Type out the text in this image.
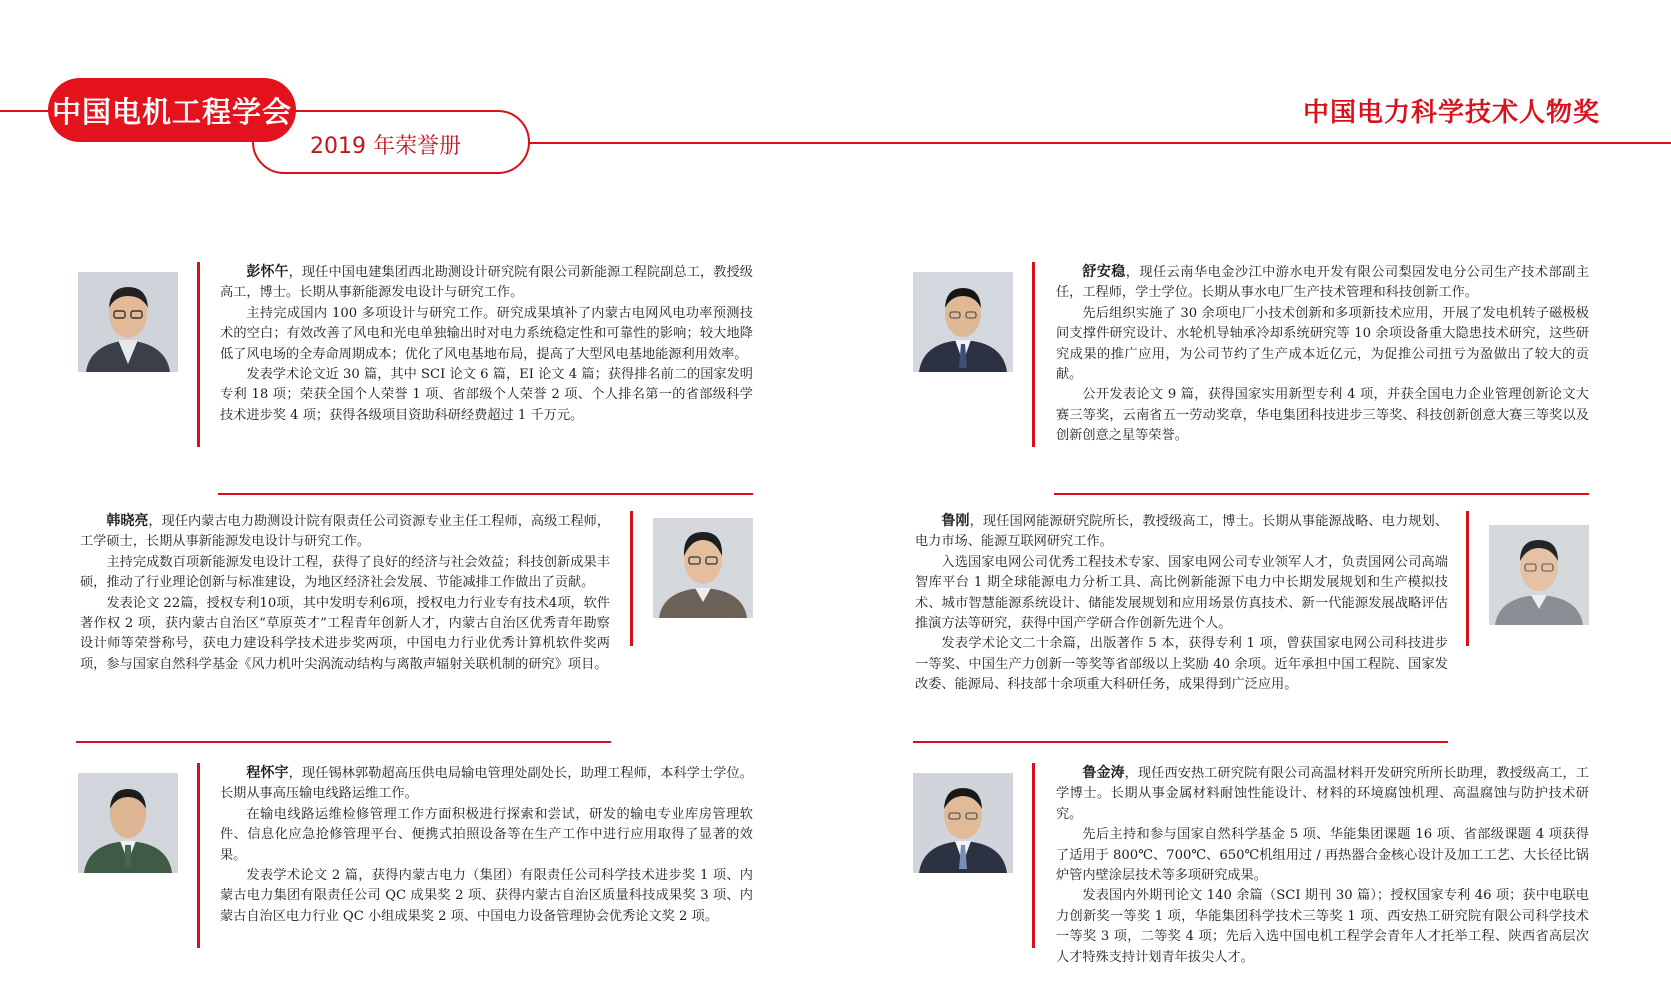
中国电机工程学会
2019 年荣誉册
中国电力科学技术人物奖

彭怀午，现任中国电建集团西北勘测设计研究院有限公司新能源工程院副总工，教授级高工，博士。长期从事新能源发电设计与研究工作。

主持完成国内 100 多项设计与研究工作。研究成果填补了内蒙古电网风电功率预测技术的空白；有效改善了风电和光电单独输出时对电力系统稳定性和可靠性的影响；较大地降低了风电场的全寿命周期成本；优化了风电基地布局，提高了大型风电基地能源利用效率。

发表学术论文近 30 篇，其中 SCI 论文 6 篇，EI 论文 4 篇；获得排名前二的国家发明专利 18 项；荣获全国个人荣誉 1 项、省部级个人荣誉 2 项、个人排名第一的省部级科学技术进步奖 4 项；获得各级项目资助科研经费超过 1 千万元。

韩晓亮，现任内蒙古电力勘测设计院有限责任公司资源专业主任工程师，高级工程师，工学硕士，长期从事新能源发电设计与研究工作。

主持完成数百项新能源发电设计工程，获得了良好的经济与社会效益；科技创新成果丰硕，推动了行业理论创新与标准建设，为地区经济社会发展、节能减排工作做出了贡献。

发表论文 22篇，授权专利10项，其中发明专利6项，授权电力行业专有技术4项，软件著作权 2 项，获内蒙古自治区“草原英才”工程青年创新人才，内蒙古自治区优秀青年勘察设计师等荣誉称号，获电力建设科学技术进步奖两项，中国电力行业优秀计算机软件奖两项，参与国家自然科学基金《风力机叶尖涡流动结构与离散声辐射关联机制的研究》项目。

程怀宇，现任锡林郭勒超高压供电局输电管理处副处长，助理工程师，本科学士学位。长期从事高压输电线路运维工作。

在输电线路运维检修管理工作方面积极进行探索和尝试，研发的输电专业库房管理软件、信息化应急抢修管理平台、便携式拍照设备等在生产工作中进行应用取得了显著的效果。

发表学术论文 2 篇，获得内蒙古电力（集团）有限责任公司科学技术进步奖 1 项、内蒙古电力集团有限责任公司 QC 成果奖 2 项、获得内蒙古自治区质量科技成果奖 3 项、内蒙古自治区电力行业 QC 小组成果奖 2 项、中国电力设备管理协会优秀论文奖 2 项。

舒安稳，现任云南华电金沙江中游水电开发有限公司梨园发电分公司生产技术部副主任，工程师，学士学位。长期从事水电厂生产技术管理和科技创新工作。

先后组织实施了 30 余项电厂小技术创新和多项新技术应用，开展了发电机转子磁极极间支撑件研究设计、水轮机导轴承冷却系统研究等 10 余项设备重大隐患技术研究，这些研究成果的推广应用，为公司节约了生产成本近亿元，为促推公司扭亏为盈做出了较大的贡献。

公开发表论文 9 篇，获得国家实用新型专利 4 项，并获全国电力企业管理创新论文大赛三等奖，云南省五一劳动奖章，华电集团科技进步三等奖、科技创新创意大赛三等奖以及创新创意之星等荣誉。

鲁刚，现任国网能源研究院所长，教授级高工，博士。长期从事能源战略、电力规划、电力市场、能源互联网研究工作。

入选国家电网公司优秀工程技术专家、国家电网公司专业领军人才，负责国网公司高端智库平台 1 期全球能源电力分析工具、高比例新能源下电力中长期发展规划和生产模拟技术、城市智慧能源系统设计、储能发展规划和应用场景仿真技术、新一代能源发展战略评估推演方法等研究，获得中国产学研合作创新先进个人。

发表学术论文二十余篇，出版著作 5 本，获得专利 1 项，曾获国家电网公司科技进步一等奖、中国生产力创新一等奖等省部级以上奖励 40 余项。近年承担中国工程院、国家发改委、能源局、科技部十余项重大科研任务，成果得到广泛应用。

鲁金涛，现任西安热工研究院有限公司高温材料开发研究所所长助理，教授级高工，工学博士。长期从事金属材料耐蚀性能设计、材料的环境腐蚀机理、高温腐蚀与防护技术研究。

先后主持和参与国家自然科学基金 5 项、华能集团课题 16 项、省部级课题 4 项获得了适用于 800℃、700℃、650℃机组用过 / 再热器合金核心设计及加工工艺、大长径比锅炉管内壁涂层技术等多项研究成果。

发表国内外期刊论文 140 余篇（SCI 期刊 30 篇）；授权国家专利 46 项；获中电联电力创新奖一等奖 1 项，华能集团科学技术三等奖 1 项、西安热工研究院有限公司科学技术一等奖 3 项，二等奖 4 项；先后入选中国电机工程学会青年人才托举工程、陕西省高层次人才特殊支持计划青年拔尖人才。
